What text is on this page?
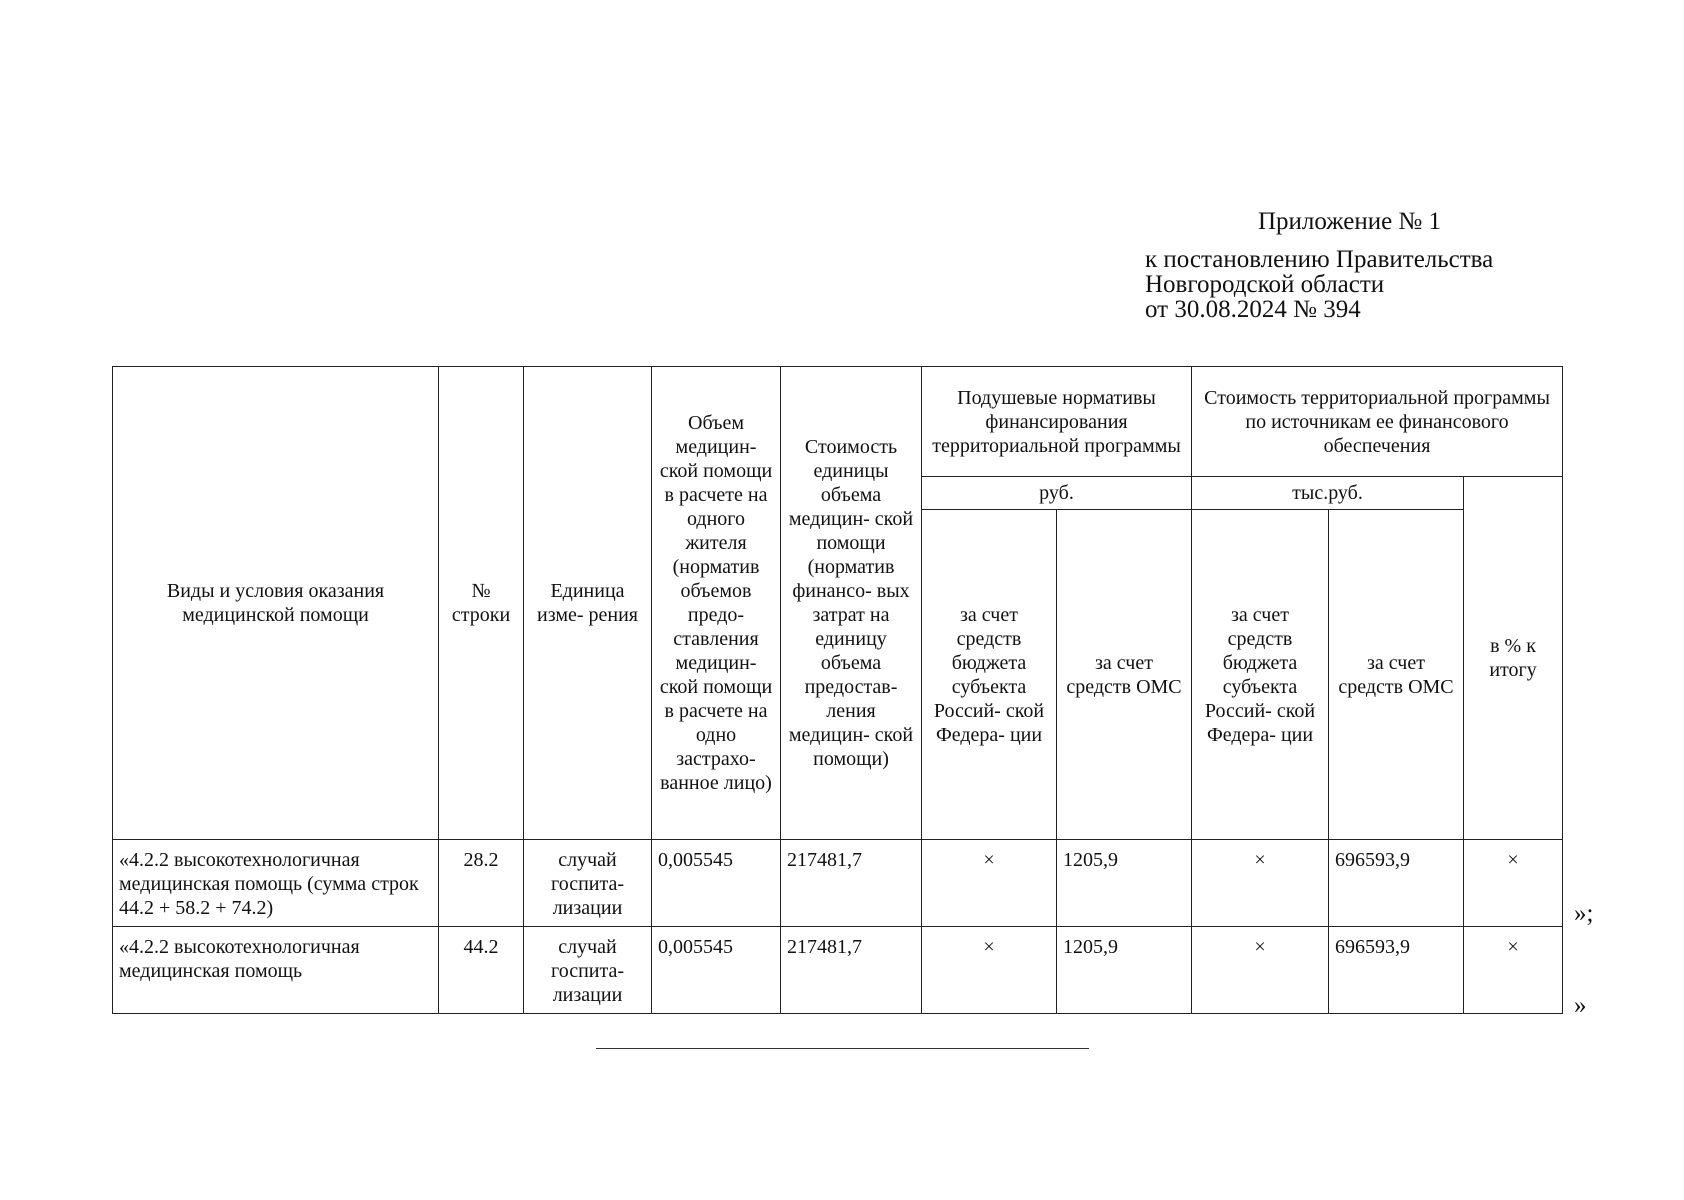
Приложение № 1
к постановлению Правительства
Новгородской области
от 30.08.2024 № 394
Виды и условия оказания медицинской помощи	№ строки	Единица изме- рения	Объем медицин- ской помощи в расчете на одного жителя (норматив объемов предо- ставления медицин- ской помощи в расчете на одно застрахо- ванное лицо)	Стоимость единицы объема медицин- ской помощи (норматив финансо- вых затрат на единицу объема предостав- ления медицин- ской помощи)	Подушевые нормативы финансирования территориальной программы		Стоимость территориальной программы по источникам ее финансового обеспечения		
					руб.		тыс.руб.		в % к итогу
					за счет средств бюджета субъекта Россий- ской Федера- ции	за счет средств ОМС	за счет средств бюджета субъекта Россий- ской Федера- ции	за счет средств ОМС	
«4.2.2 высокотехнологичная медицинская помощь (сумма строк 44.2 + 58.2 + 74.2)	28.2	случай госпита- лизации	0,005545	217481,7	×	1205,9	×	696593,9	×
«4.2.2 высокотехнологичная медицинская помощь	44.2	случай госпита- лизации	0,005545	217481,7	×	1205,9	×	696593,9	×
»;
»
